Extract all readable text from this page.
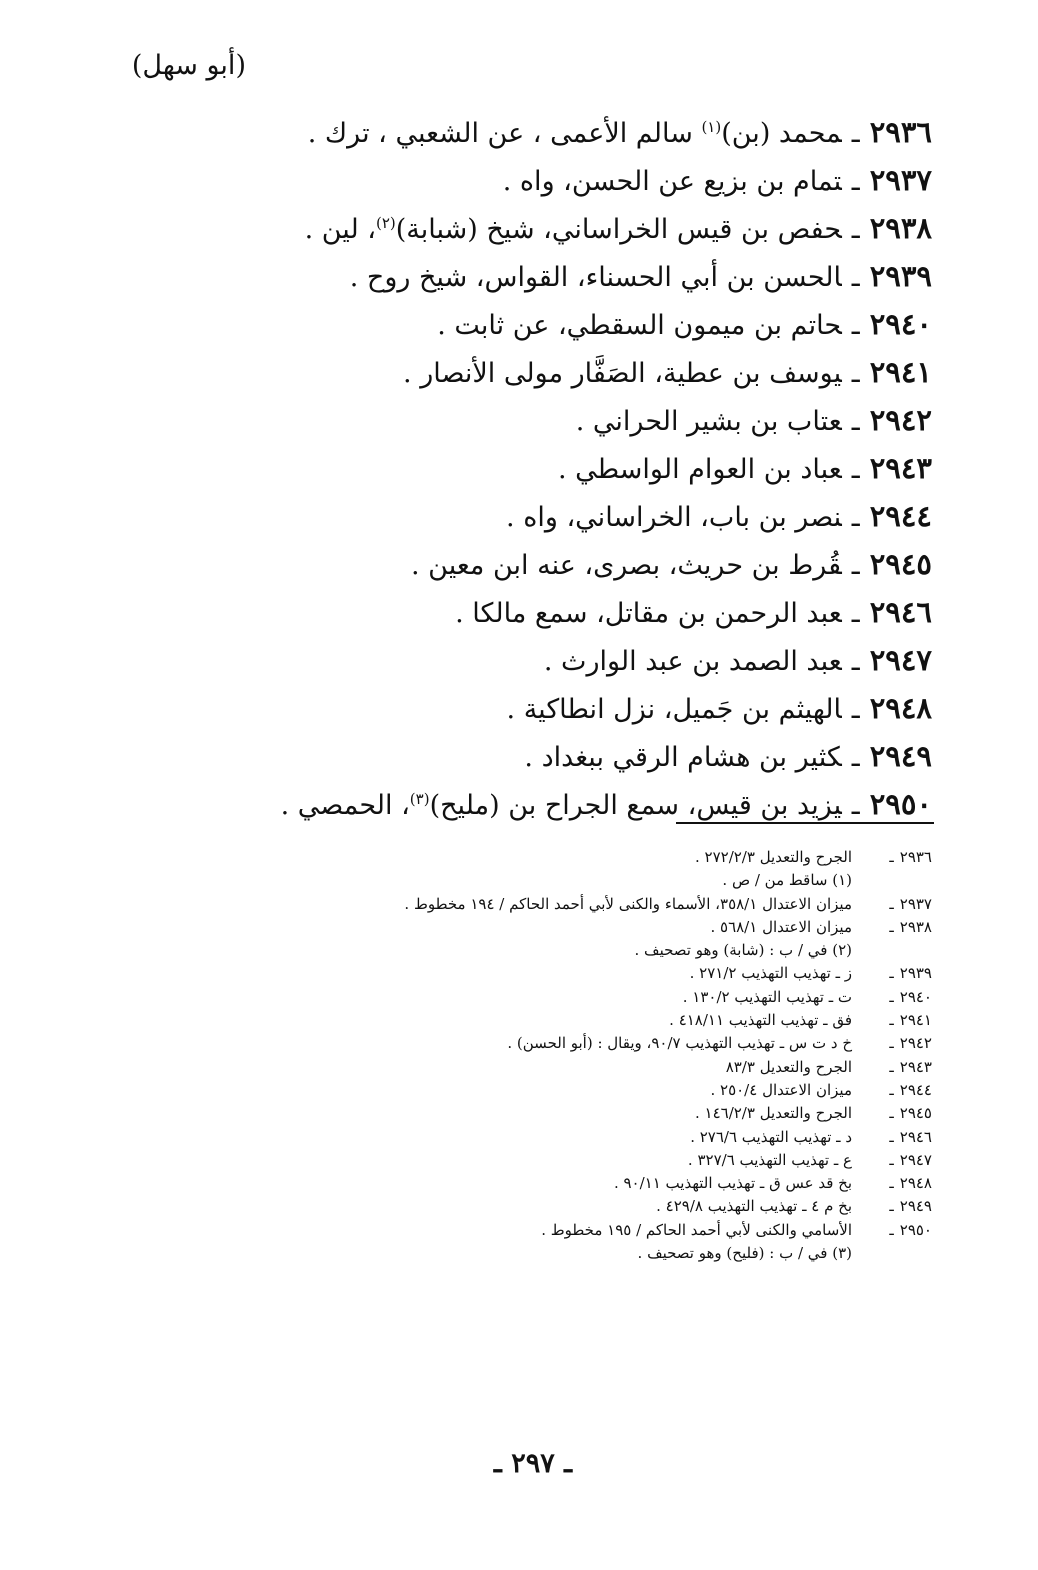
(أبو سهل)
٢٩٣٦ـمحمد (بن)$^{(١)}$ سالم الأعمى ، عن الشعبي ، ترك .
٢٩٣٧ـتمام بن بزيع عن الحسن، واه .
٢٩٣٨ـحفص بن قيس الخراساني، شيخ (شبابة)$^{(٢)}$، لين .
٢٩٣٩ـالحسن بن أبي الحسناء، القواس، شيخ روح .
٢٩٤٠ـحاتم بن ميمون السقطي، عن ثابت .
٢٩٤١ـيوسف بن عطية، الصَفَّار مولى الأنصار .
٢٩٤٢ـعتاب بن بشير الحراني .
٢٩٤٣ـعباد بن العوام الواسطي .
٢٩٤٤ـنصر بن باب، الخراساني، واه .
٢٩٤٥ـقُرط بن حريث، بصرى، عنه ابن معين .
٢٩٤٦ـعبد الرحمن بن مقاتل، سمع مالكا .
٢٩٤٧ـعبد الصمد بن عبد الوارث .
٢٩٤٨ـالهيثم بن جَميل، نزل انطاكية .
٢٩٤٩ـكثير بن هشام الرقي ببغداد .
٢٩٥٠ـيزيد بن قيس، سمع الجراح بن (مليح)$^{(٣)}$، الحمصي .
٢٩٣٦ـالجرح والتعديل ٢٧٢/٢/٣ .
(١) ساقط من / ص .
٢٩٣٧ـميزان الاعتدال ٣٥٨/١، الأسماء والكنى لأبي أحمد الحاكم / ١٩٤ مخطوط .
٢٩٣٨ـميزان الاعتدال ٥٦٨/١ .
(٢) في / ب : (شابة) وهو تصحيف .
٢٩٣٩ـز ـ تهذيب التهذيب ٢٧١/٢ .
٢٩٤٠ـت ـ تهذيب التهذيب ١٣٠/٢ .
٢٩٤١ـفق ـ تهذيب التهذيب ٤١٨/١١ .
٢٩٤٢ـخ د ت س ـ تهذيب التهذيب ٩٠/٧، ويقال : (أبو الحسن) .
٢٩٤٣ـالجرح والتعديل ٨٣/٣
٢٩٤٤ـميزان الاعتدال ٢٥٠/٤ .
٢٩٤٥ـالجرح والتعديل ١٤٦/٢/٣ .
٢٩٤٦ـد ـ تهذيب التهذيب ٢٧٦/٦ .
٢٩٤٧ـع ـ تهذيب التهذيب ٣٢٧/٦ .
٢٩٤٨ـبخ قد عس ق ـ تهذيب التهذيب ٩٠/١١ .
٢٩٤٩ـبخ م ٤ ـ تهذيب التهذيب ٤٢٩/٨ .
٢٩٥٠ـالأسامي والكنى لأبي أحمد الحاكم / ١٩٥ مخطوط .
(٣) في / ب : (فليح) وهو تصحيف .
ـ ٢٩٧ ـ
